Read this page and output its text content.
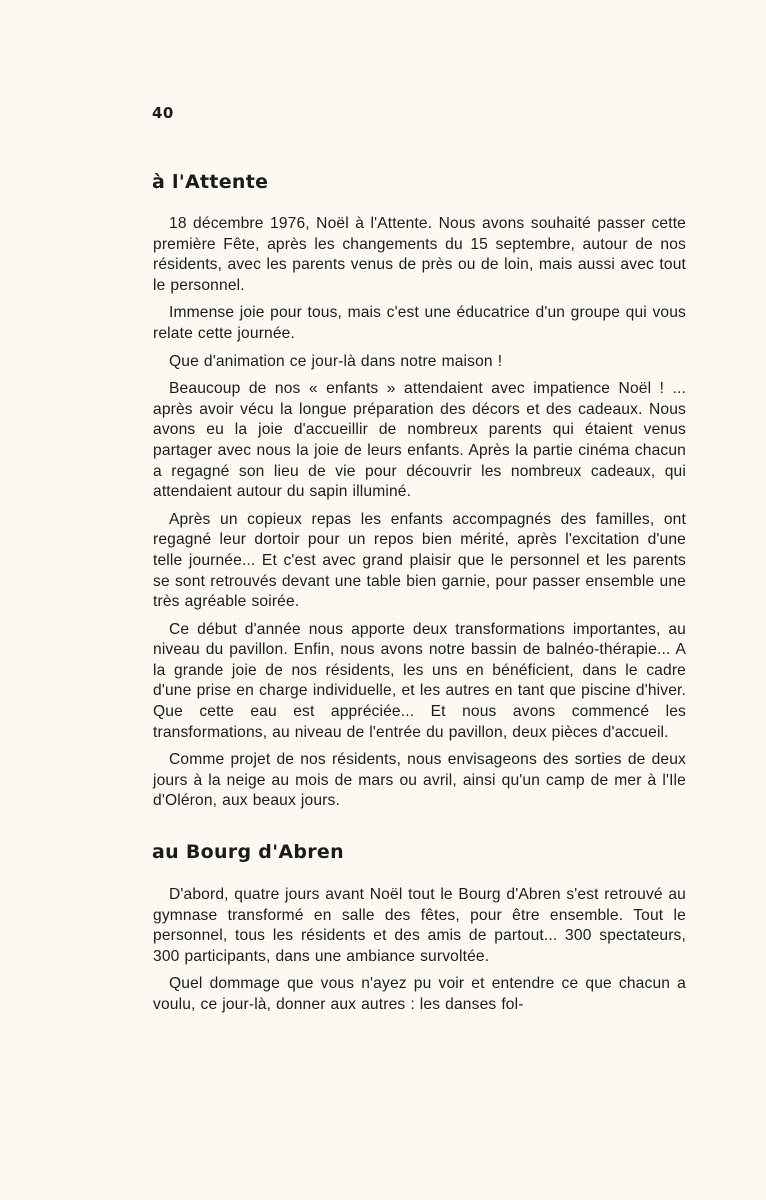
40
à l'Attente

18 décembre 1976, Noël à l'Attente. Nous avons souhaité passer cette première Fête, après les changements du 15 septembre, autour de nos résidents, avec les parents venus de près ou de loin, mais aussi avec tout le personnel.

Immense joie pour tous, mais c'est une éducatrice d'un groupe qui vous relate cette journée.

Que d'animation ce jour-là dans notre maison !

Beaucoup de nos « enfants » attendaient avec impatience Noël ! ... après avoir vécu la longue préparation des décors et des cadeaux. Nous avons eu la joie d'accueillir de nombreux parents qui étaient venus partager avec nous la joie de leurs enfants. Après la partie cinéma chacun a regagné son lieu de vie pour découvrir les nombreux cadeaux, qui attendaient autour du sapin illuminé.

Après un copieux repas les enfants accompagnés des familles, ont regagné leur dortoir pour un repos bien mérité, après l'excitation d'une telle journée... Et c'est avec grand plaisir que le personnel et les parents se sont retrouvés devant une table bien garnie, pour passer ensemble une très agréable soirée.

Ce début d'année nous apporte deux transformations importantes, au niveau du pavillon. Enfin, nous avons notre bassin de balnéo-thérapie... A la grande joie de nos résidents, les uns en bénéficient, dans le cadre d'une prise en charge individuelle, et les autres en tant que piscine d'hiver. Que cette eau est appréciée... Et nous avons commencé les transformations, au niveau de l'entrée du pavillon, deux pièces d'accueil.

Comme projet de nos résidents, nous envisageons des sorties de deux jours à la neige au mois de mars ou avril, ainsi qu'un camp de mer à l'Ile d'Oléron, aux beaux jours.

au Bourg d'Abren

D'abord, quatre jours avant Noël tout le Bourg d'Abren s'est retrouvé au gymnase transformé en salle des fêtes, pour être ensemble. Tout le personnel, tous les résidents et des amis de partout... 300 spectateurs, 300 participants, dans une ambiance survoltée.

Quel dommage que vous n'ayez pu voir et entendre ce que chacun a voulu, ce jour-là, donner aux autres : les danses fol-
